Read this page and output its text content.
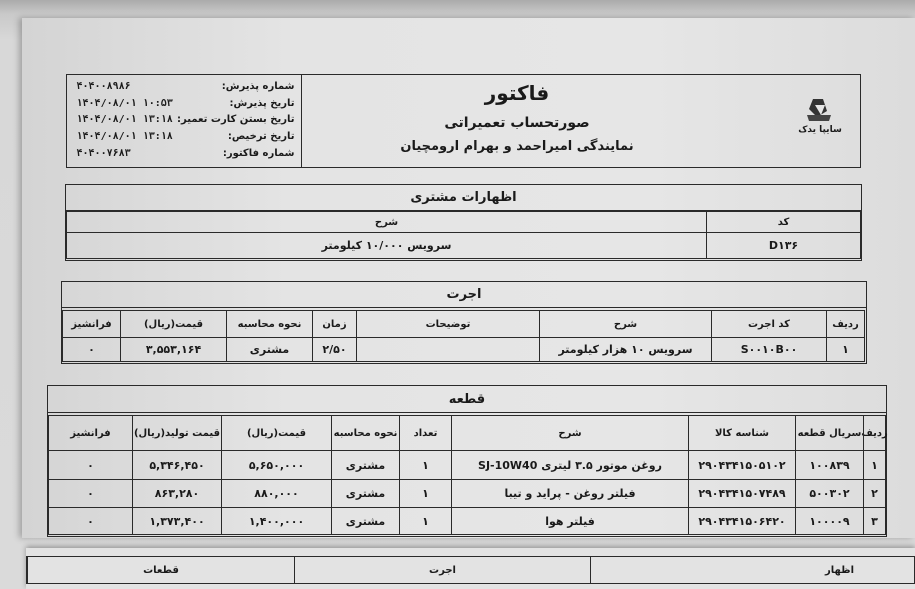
شماره پذیرش:
تاریخ پذیرش:
تاریخ بستن کارت تعمیر:
تاریخ ترخیص:
شماره فاکتور:
۴۰۴۰۰۸۹۸۶
۱۴۰۴/۰۸/۰۱ ۱۰:۵۳
۱۴۰۴/۰۸/۰۱ ۱۳:۱۸
۱۴۰۴/۰۸/۰۱ ۱۳:۱۸
۴۰۴۰۰۷۶۸۳
فاکتور
صورتحساب تعمیراتی
نمایندگی امیراحمد و بهرام ارومچیان
سایپا یدک
اظهارات مشتری
کد
شرح
D۱۳۶
سرویس ۱۰/۰۰۰ کیلومتر
اجرت
ردیف
کد اجرت
شرح
توضیحات
زمان
نحوه محاسبه
قیمت(ریال)
فرانشیز
۱
S۰۰۱۰B۰۰
سرویس ۱۰ هزار کیلومتر
۲/۵۰
مشتری
۳,۵۵۳,۱۶۴
۰
قطعه
ردیف
سریال قطعه
شناسه کالا
شرح
تعداد
نحوه محاسبه
قیمت(ریال)
قیمت تولید(ریال)
فرانشیز
۱
۱۰۰۸۳۹
۲۹۰۴۳۴۱۵۰۵۱۰۲
روغن موتور ۳.۵ لیتری SJ-10W40
۱
مشتری
۵,۶۵۰,۰۰۰
۵,۳۴۶,۴۵۰
۰
۲
۵۰۰۳۰۲
۲۹۰۴۳۴۱۵۰۷۴۸۹
فیلتر روغن - پراید و تیبا
۱
مشتری
۸۸۰,۰۰۰
۸۶۳,۲۸۰
۰
۳
۱۰۰۰۰۹
۲۹۰۴۳۴۱۵۰۶۴۲۰
فیلتر هوا
۱
مشتری
۱,۴۰۰,۰۰۰
۱,۳۷۳,۴۰۰
۰
اظهار
اجرت
قطعات
